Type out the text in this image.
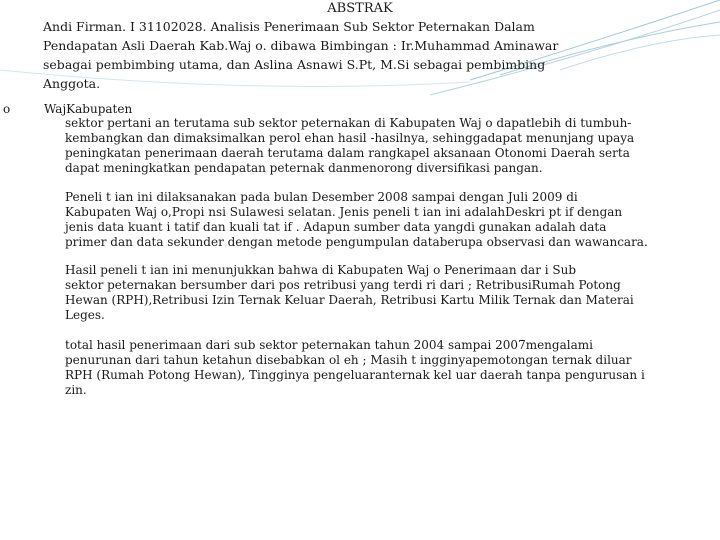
ABSTRAK
Andi Firman. I 31102028. Analisis Penerimaan Sub Sektor Peternakan Dalam
Pendapatan Asli Daerah Kab.Waj o. dibawa Bimbingan : Ir.Muhammad Aminawar
sebagai pembimbing utama, dan Aslina Asnawi S.Pt, M.Si sebagai pembimbing
Anggota.
o	WajKabupaten
sektor pertani an terutama sub sektor peternakan di Kabupaten Waj o dapatlebih di tumbuh-
kembangkan dan dimaksimalkan perol ehan hasil -hasilnya, sehinggadapat menunjang upaya
peningkatan penerimaan daerah terutama dalam rangkapel aksanaan Otonomi Daerah serta
dapat meningkatkan pendapatan peternak danmenorong diversifikasi pangan.
Peneli t ian ini dilaksanakan pada bulan Desember 2008 sampai dengan Juli 2009 di
Kabupaten Waj o,Propi nsi Sulawesi selatan. Jenis peneli t ian ini adalahDeskri pt if dengan
jenis data kuant i tatif dan kuali tat if . Adapun sumber data yangdi gunakan adalah data
primer dan data sekunder dengan metode pengumpulan databerupa observasi dan wawancara.
Hasil peneli t ian ini menunjukkan bahwa di Kabupaten Waj o Penerimaan dar i Sub
sektor peternakan bersumber dari pos retribusi yang terdi ri dari ; RetribusiRumah Potong
Hewan (RPH),Retribusi Izin Ternak Keluar Daerah, Retribusi Kartu Milik Ternak dan Materai
Leges.
total hasil penerimaan dari sub sektor peternakan tahun 2004 sampai 2007mengalami
penurunan dari tahun ketahun disebabkan ol eh ; Masih t ingginyapemotongan ternak diluar
RPH (Rumah Potong Hewan), Tingginya pengeluaranternak kel uar daerah tanpa pengurusan i
zin.
